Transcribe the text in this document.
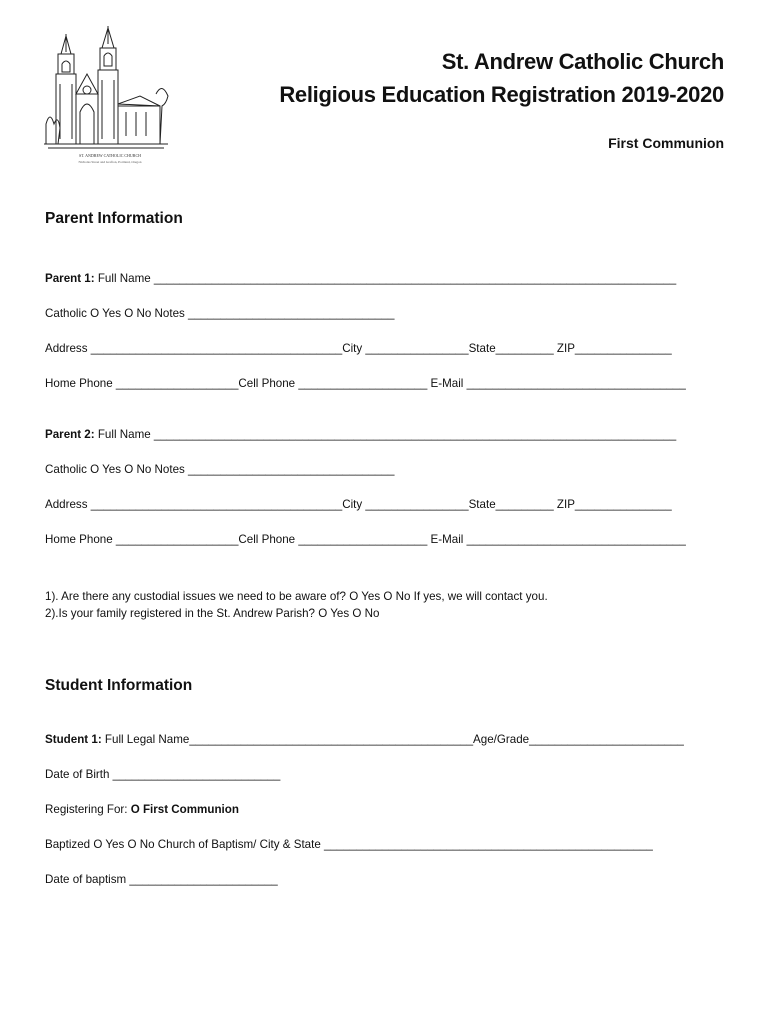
ST. ANDREW CATHOLIC CHURCH
Nicholas Street and Grafton, Portland, Oregon
St. Andrew Catholic Church
Religious Education Registration 2019-2020
First Communion
Parent Information
Parent 1: Full Name _________________________________________________________________________________
Catholic O Yes O No Notes ________________________________
Address _______________________________________City ________________State_________ ZIP_______________
Home Phone ___________________Cell Phone ____________________ E-Mail __________________________________
Parent 2: Full Name _________________________________________________________________________________
Catholic O Yes O No Notes ________________________________
Address _______________________________________City ________________State_________ ZIP_______________
Home Phone ___________________Cell Phone ____________________ E-Mail __________________________________
1). Are there any custodial issues we need to be aware of? O Yes O No If yes, we will contact you.
2).Is your family registered in the St. Andrew Parish? O Yes O No
Student Information
Student 1: Full Legal Name____________________________________________Age/Grade________________________
Date of Birth __________________________
Registering For: O First Communion
Baptized O Yes O No Church of Baptism/ City & State ___________________________________________________
Date of baptism _______________________
